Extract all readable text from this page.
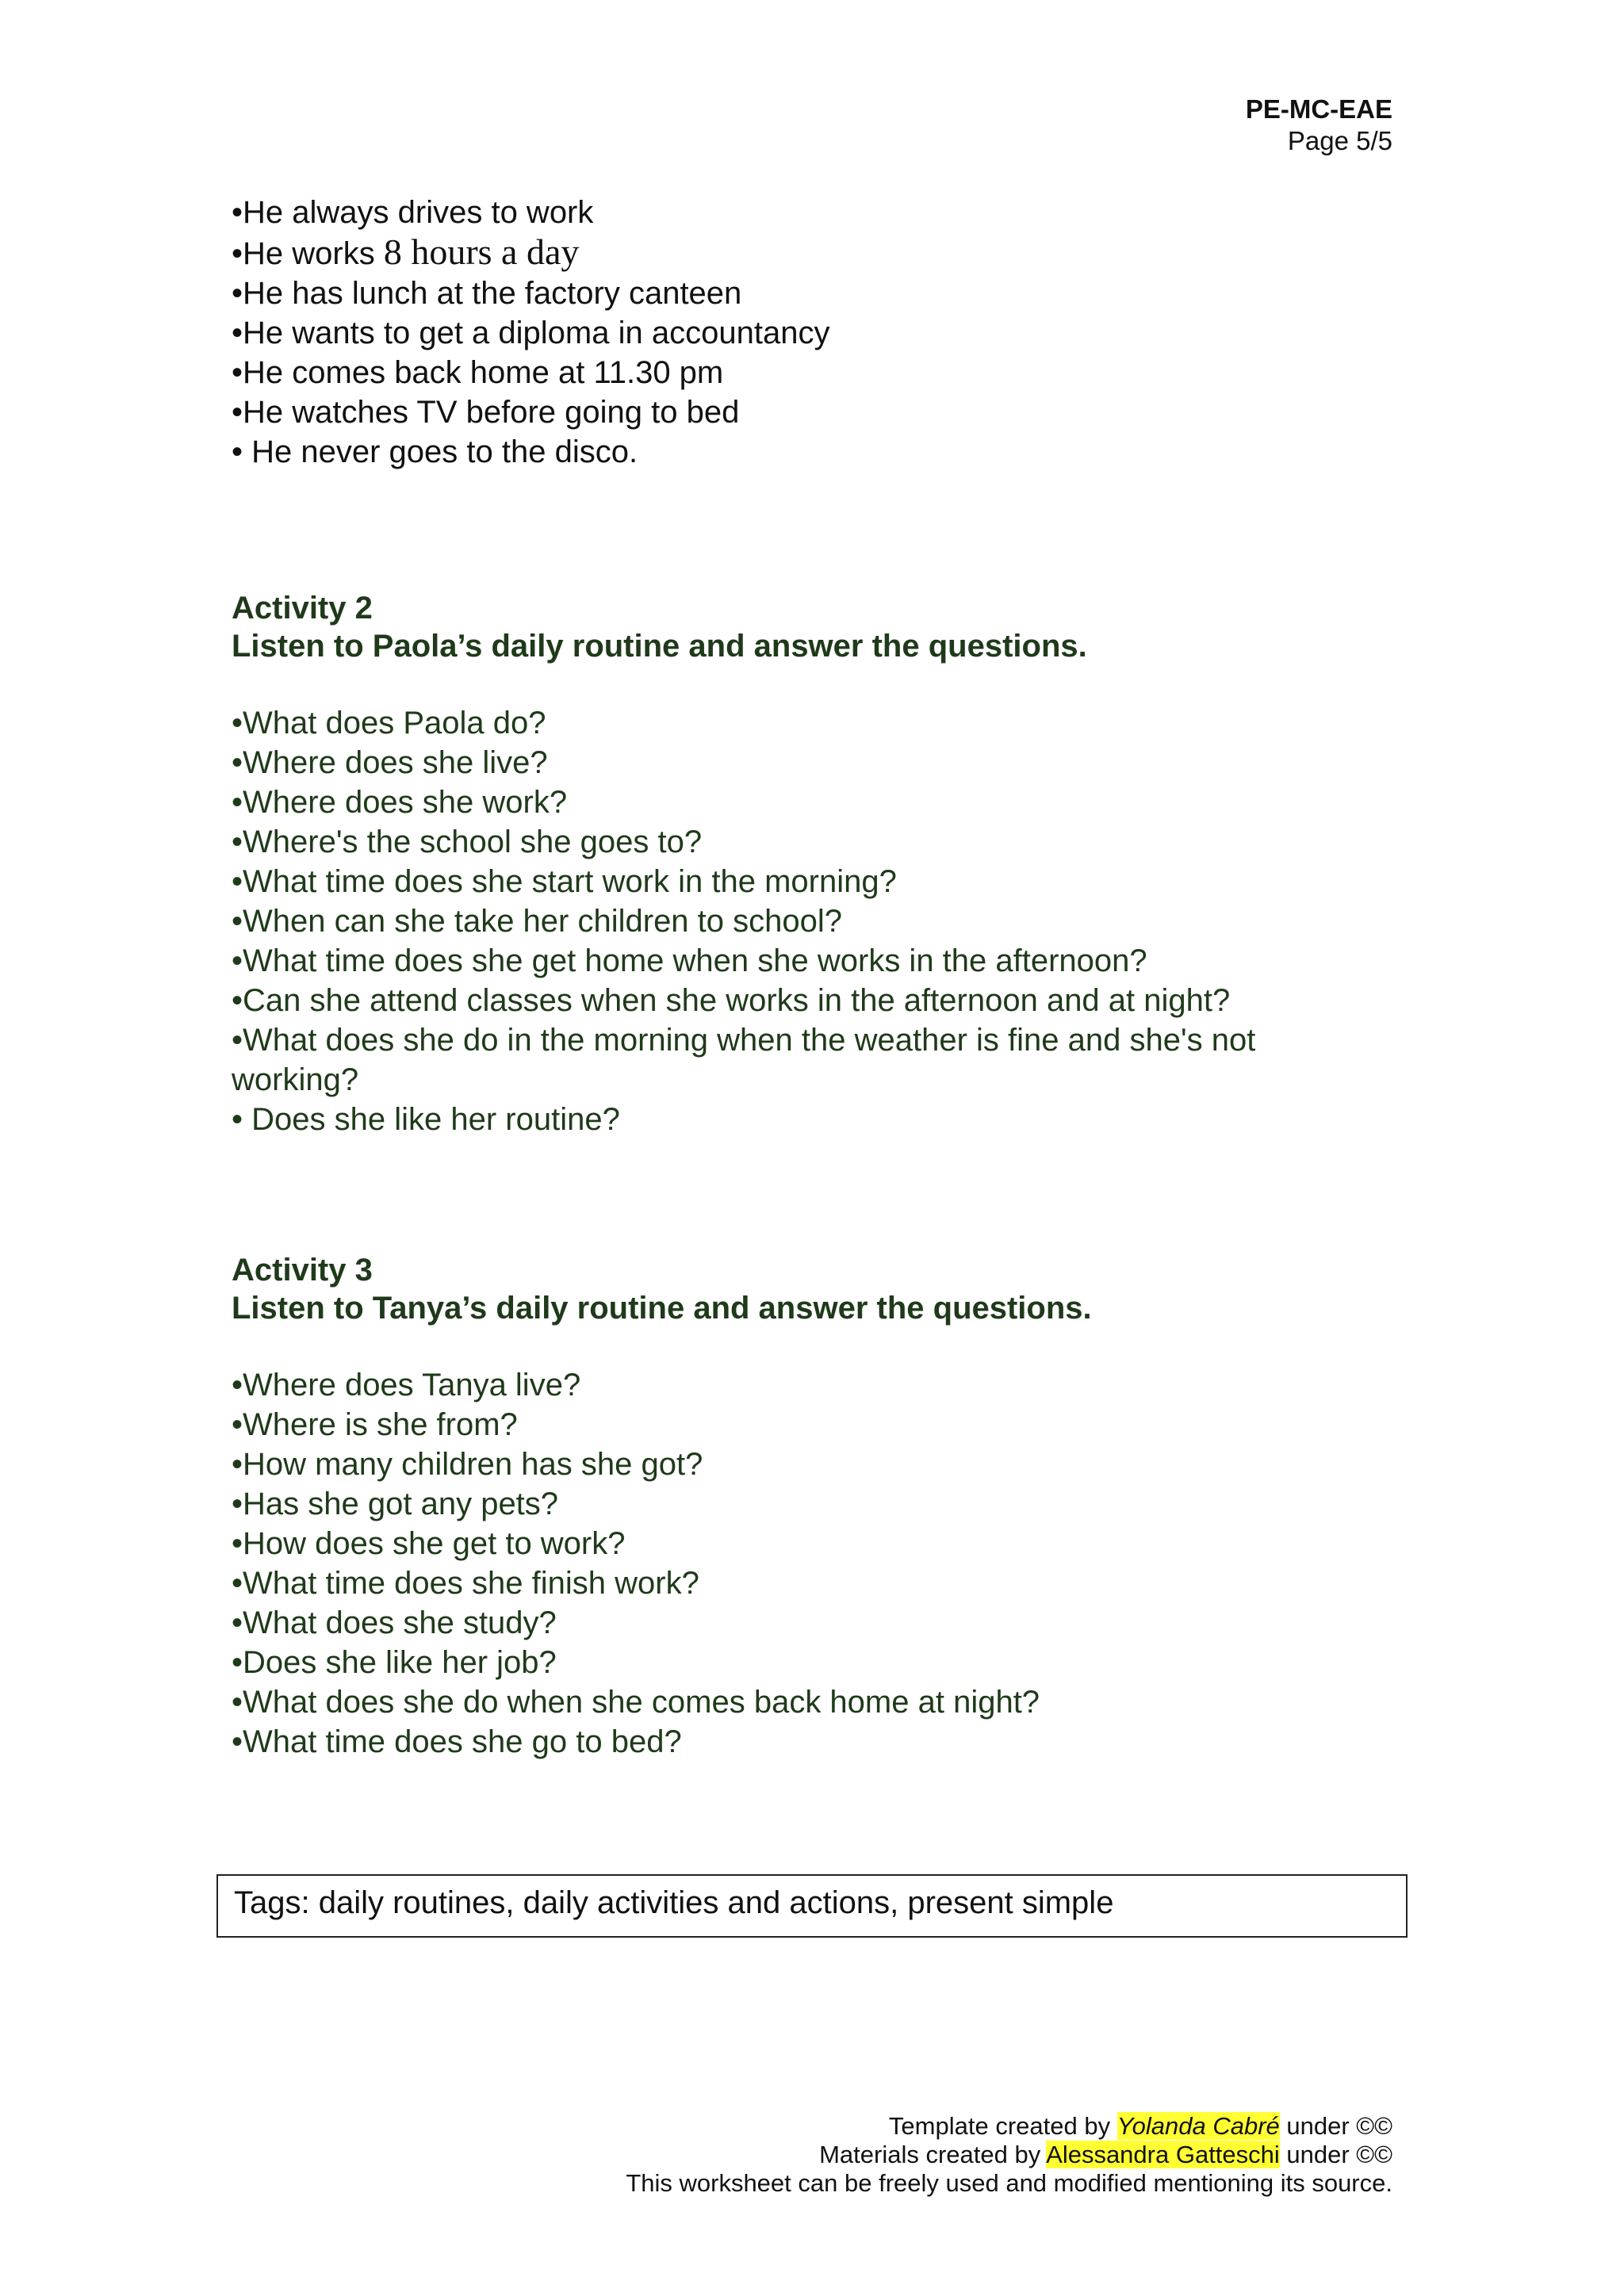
PE-MC-EAE
Page 5/5
•He always drives to work
•He works 8 hours a day
•He has lunch at the factory canteen
•He wants to get a diploma in accountancy
•He comes back home at 11.30 pm
•He watches TV before going to bed
• He never goes to the disco.
Activity 2
Listen to Paola’s daily routine and answer the questions.
•What does Paola do?
•Where does she live?
•Where does she work?
•Where's the school she goes to?
•What time does she start work in the morning?
•When can she take her children to school?
•What time does she get home when she works in the afternoon?
•Can she attend classes when she works in the afternoon and at night?
•What does she do in the morning when the weather is fine and she's not working?
• Does she like her routine?
Activity 3
Listen to Tanya’s daily routine and answer the questions.
•Where does Tanya live?
•Where is she from?
•How many children has she got?
•Has she got any pets?
•How does she get to work?
•What time does she finish work?
•What does she study?
•Does she like her job?
•What does she do when she comes back home at night?
•What time does she go to bed?
Tags: daily routines, daily activities and actions, present simple
Template created by Yolanda Cabré under ©©
Materials created by Alessandra Gatteschi under ©©
This worksheet can be freely used and modified mentioning its source.
